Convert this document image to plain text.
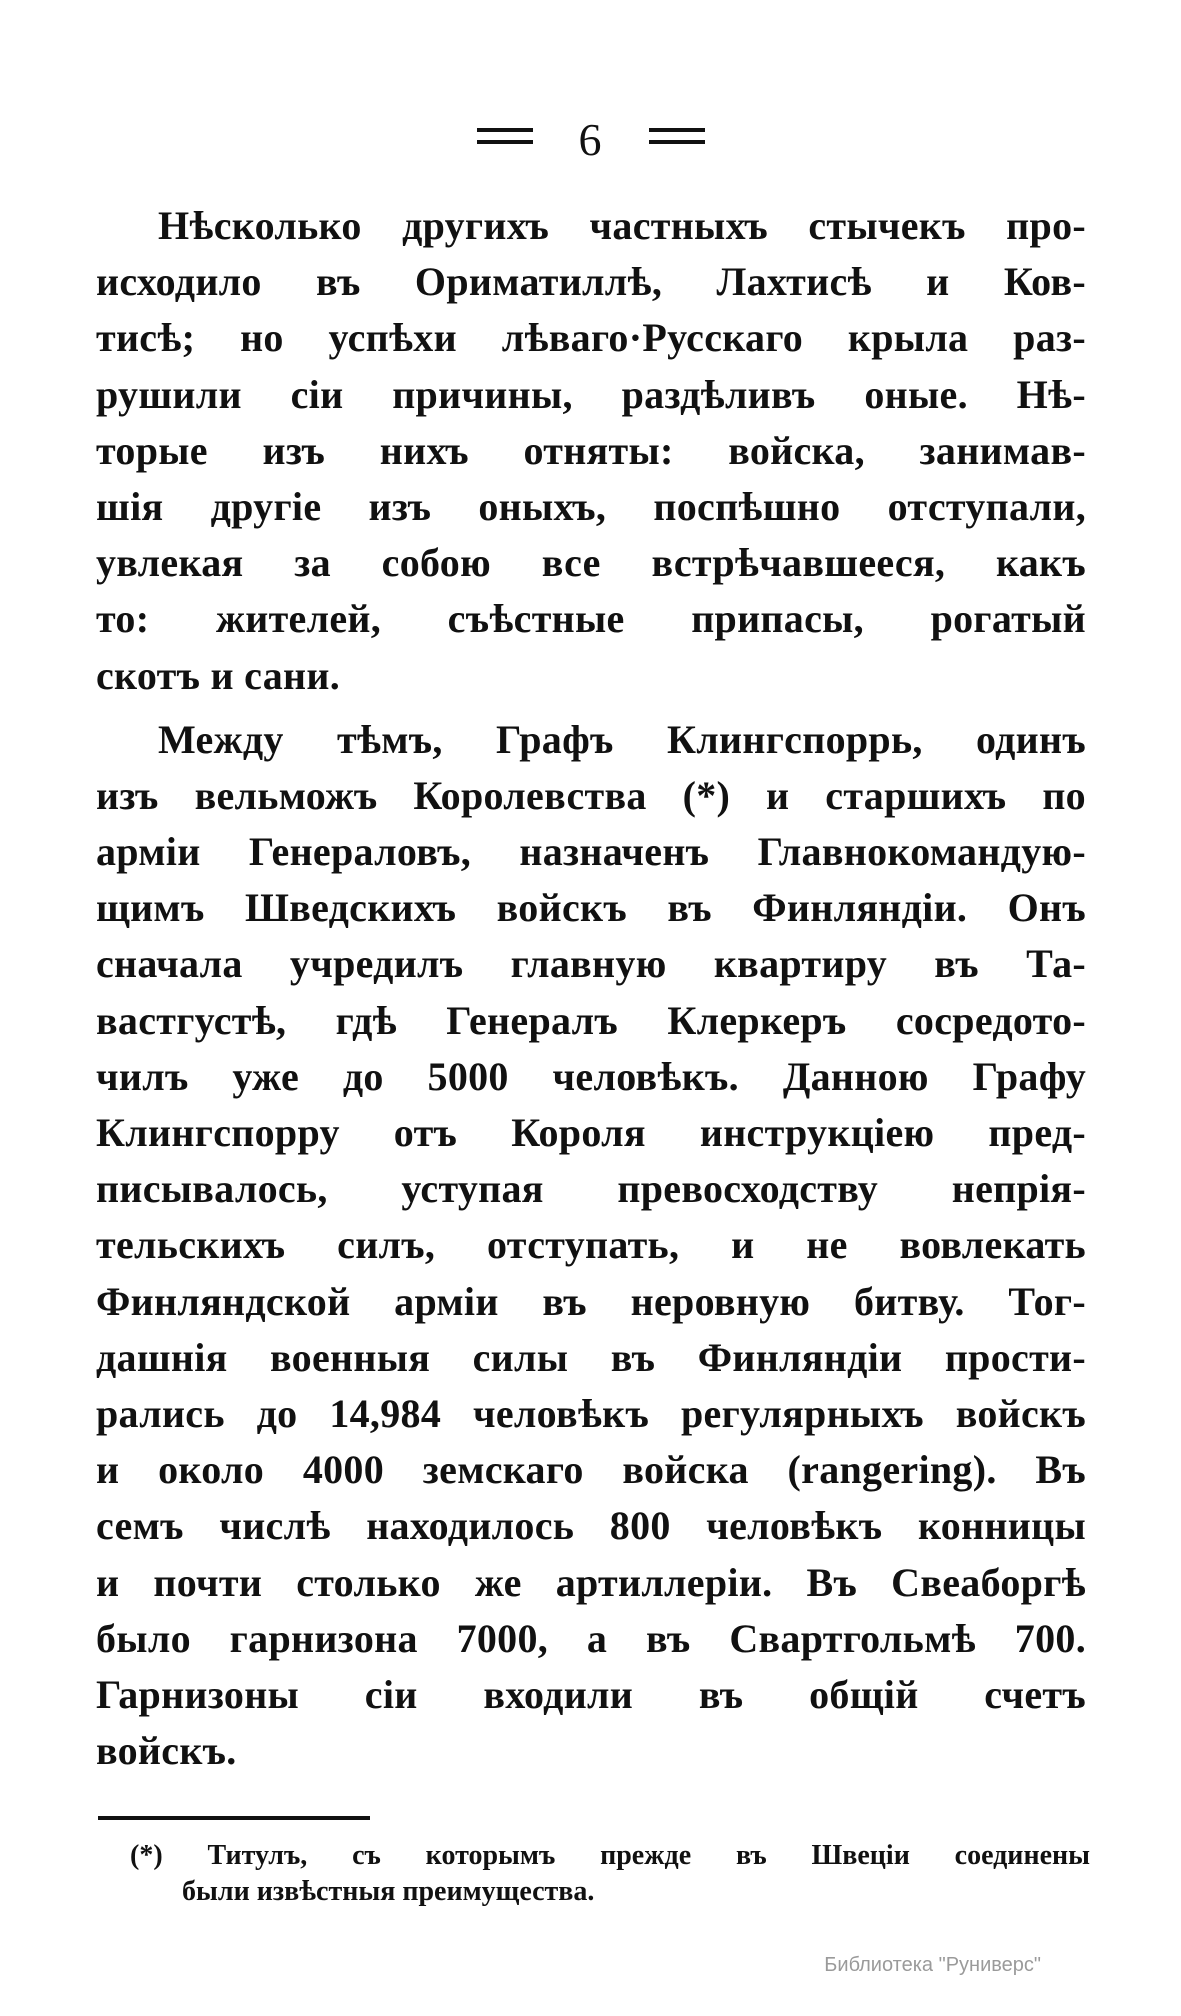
6
Нѣсколько другихъ частныхъ стычекъ про-
исходило въ Ориматиллѣ, Лахтисѣ и Ков-
тисѣ; но успѣхи лѣваго·Русскаго крыла раз-
рушили сіи причины, раздѣливъ оные. Нѣ-
торые изъ нихъ отняты: войска, занимав-
шія другіе изъ оныхъ, поспѣшно отступали,
увлекая за собою все встрѣчавшееся, какъ
то: жителей, съѣстные припасы, рогатый
скотъ и сани.
Между тѣмъ, Графъ Клингспоррь, одинъ
изъ вельможъ Королевства (*) и старшихъ по
арміи Генераловъ, назначенъ Главнокомандую-
щимъ Шведскихъ войскъ въ Финляндіи. Онъ
сначала учредилъ главную квартиру въ Та-
вастгустѣ, гдѣ Генералъ Клеркеръ сосредото-
чилъ уже до 5000 человѣкъ. Данною Графу
Клингспорру отъ Короля инструкціею пред-
писывалось, уступая превосходству непрія-
тельскихъ силъ, отступать, и не вовлекать
Финляндской арміи въ неровную битву. Тог-
дашнія военныя силы въ Финляндіи прости-
рались до 14,984 человѣкъ регулярныхъ войскъ
и около 4000 земскаго войска (rangering). Въ
семъ числѣ находилось 800 человѣкъ конницы
и почти столько же артиллеріи. Въ Свеаборгѣ
было гарнизона 7000, а въ Свартгольмѣ 700.
Гарнизоны сіи входили въ общій счетъ
войскъ.
(*) Титулъ, съ которымъ прежде въ Швеціи соединены
были извѣстныя преимущества.
Библиотека "Руниверс"
